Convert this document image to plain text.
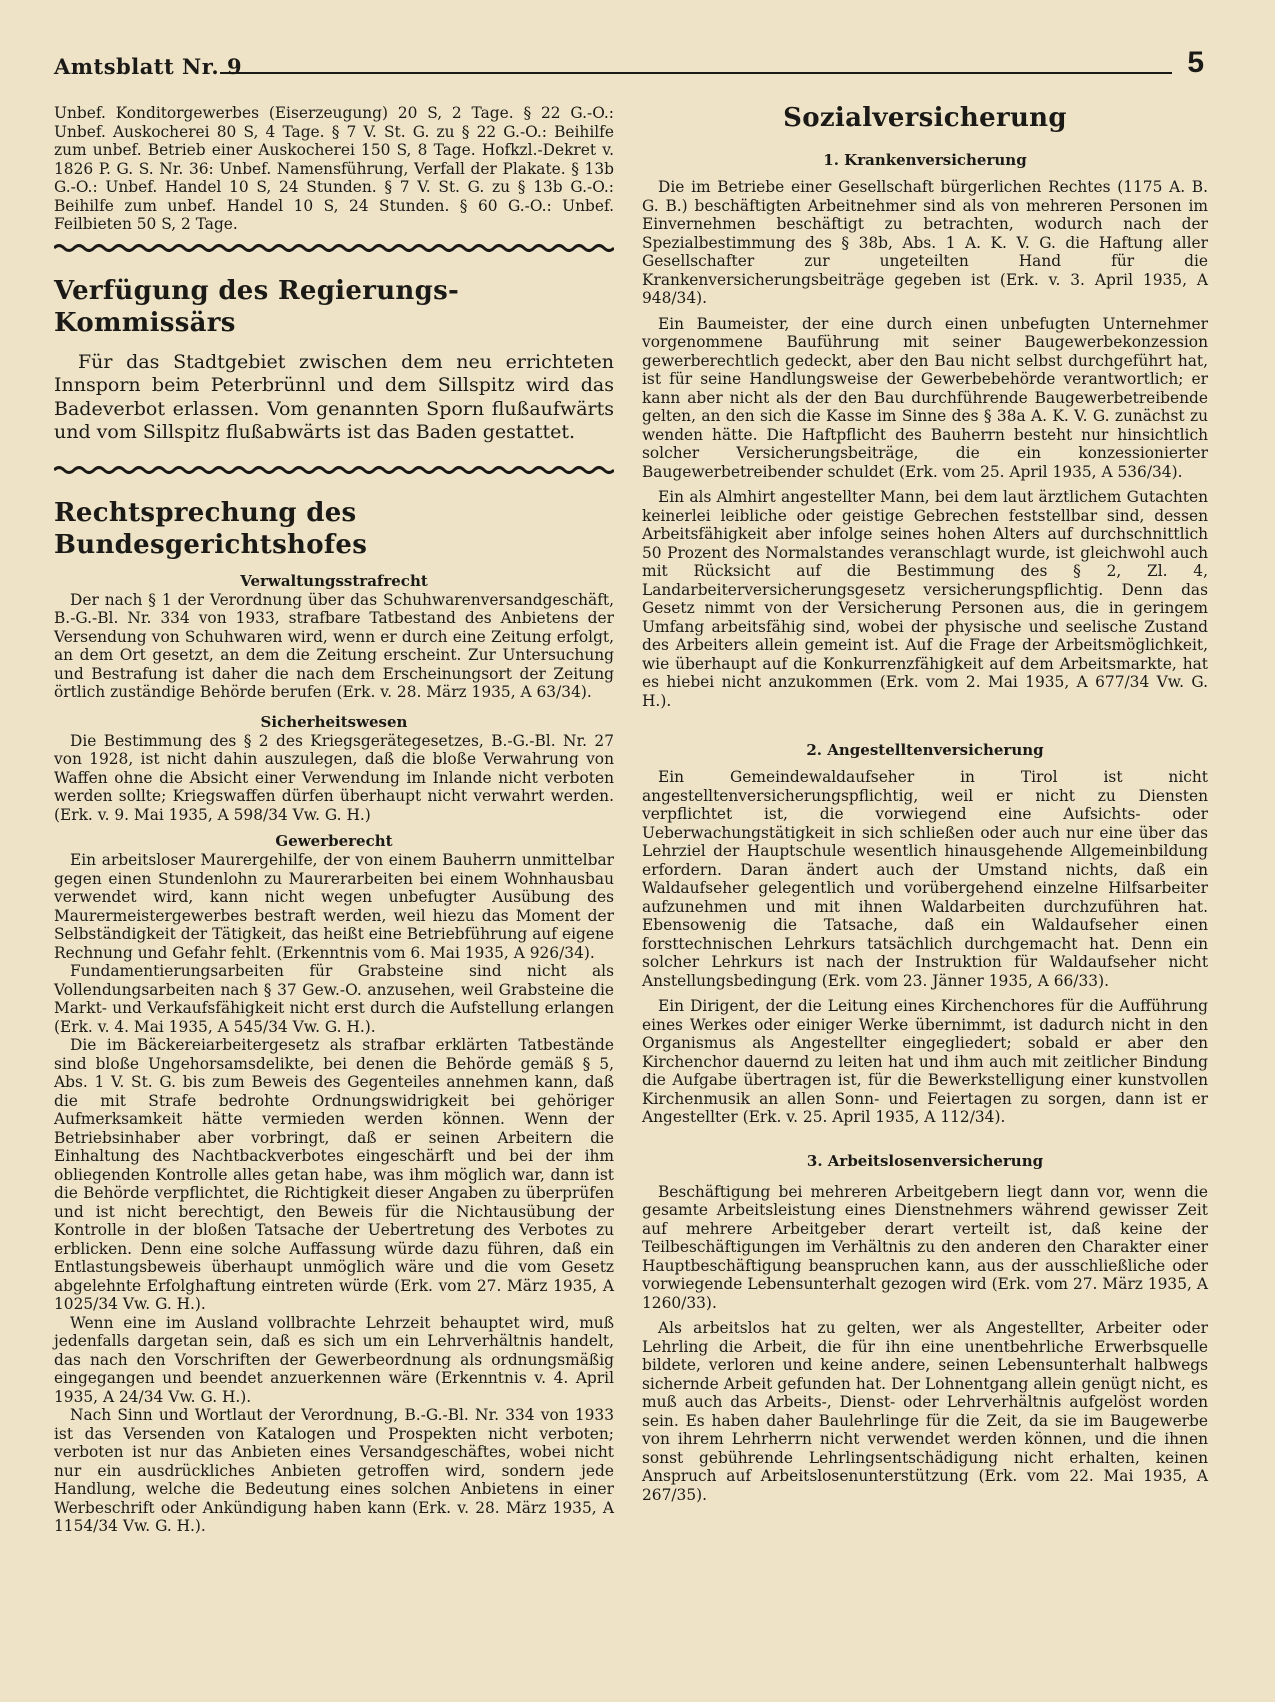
Amtsblatt Nr. 9	5

Unbef. Konditorgewerbes (Eiserzeugung) 20 S, 2 Tage. § 22 G.-O.: Unbef. Auskocherei 80 S, 4 Tage. § 7 V. St. G. zu § 22 G.-O.: Beihilfe zum unbef. Betrieb einer Auskocherei 150 S, 8 Tage. Hofkzl.-Dekret v. 1826 P. G. S. Nr. 36: Unbef. Namensführung, Verfall der Plakate. § 13b G.-O.: Unbef. Handel 10 S, 24 Stunden. § 7 V. St. G. zu § 13b G.-O.: Beihilfe zum unbef. Handel 10 S, 24 Stunden. § 60 G.-O.: Unbef. Feilbieten 50 S, 2 Tage.

Verfügung des Regierungs-Kommissärs

Für das Stadtgebiet zwischen dem neu errichteten Innsporn beim Peterbrünnl und dem Sillspitz wird das Badeverbot erlassen. Vom genannten Sporn flußaufwärts und vom Sillspitz flußabwärts ist das Baden gestattet.

Rechtsprechung des Bundesgerichtshofes
Verwaltungsstrafrecht

Der nach § 1 der Verordnung über das Schuhwarenversandgeschäft, B.-G.-Bl. Nr. 334 von 1933, strafbare Tatbestand des Anbietens der Versendung von Schuhwaren wird, wenn er durch eine Zeitung erfolgt, an dem Ort gesetzt, an dem die Zeitung erscheint. Zur Untersuchung und Bestrafung ist daher die nach dem Erscheinungsort der Zeitung örtlich zuständige Behörde berufen (Erk. v. 28. März 1935, A 63/34).

Sicherheitswesen

Die Bestimmung des § 2 des Kriegsgerätegesetzes, B.-G.-Bl. Nr. 27 von 1928, ist nicht dahin auszulegen, daß die bloße Verwahrung von Waffen ohne die Absicht einer Verwendung im Inlande nicht verboten werden sollte; Kriegswaffen dürfen überhaupt nicht verwahrt werden. (Erk. v. 9. Mai 1935, A 598/34 Vw. G. H.)

Gewerberecht

Ein arbeitsloser Maurergehilfe, der von einem Bauherrn unmittelbar gegen einen Stundenlohn zu Maurerarbeiten bei einem Wohnhausbau verwendet wird, kann nicht wegen unbefugter Ausübung des Maurermeistergewerbes bestraft werden, weil hiezu das Moment der Selbständigkeit der Tätigkeit, das heißt eine Betriebführung auf eigene Rechnung und Gefahr fehlt. (Erkenntnis vom 6. Mai 1935, A 926/34).

Fundamentierungsarbeiten für Grabsteine sind nicht als Vollendungsarbeiten nach § 37 Gew.-O. anzusehen, weil Grabsteine die Markt- und Verkaufsfähigkeit nicht erst durch die Aufstellung erlangen (Erk. v. 4. Mai 1935, A 545/34 Vw. G. H.).

Die im Bäckereiarbeitergesetz als strafbar erklärten Tatbestände sind bloße Ungehorsamsdelikte, bei denen die Behörde gemäß § 5, Abs. 1 V. St. G. bis zum Beweis des Gegenteiles annehmen kann, daß die mit Strafe bedrohte Ordnungswidrigkeit bei gehöriger Aufmerksamkeit hätte vermieden werden können. Wenn der Betriebsinhaber aber vorbringt, daß er seinen Arbeitern die Einhaltung des Nachtbackverbotes eingeschärft und bei der ihm obliegenden Kontrolle alles getan habe, was ihm möglich war, dann ist die Behörde verpflichtet, die Richtigkeit dieser Angaben zu überprüfen und ist nicht berechtigt, den Beweis für die Nichtausübung der Kontrolle in der bloßen Tatsache der Uebertretung des Verbotes zu erblicken. Denn eine solche Auffassung würde dazu führen, daß ein Entlastungsbeweis überhaupt unmöglich wäre und die vom Gesetz abgelehnte Erfolghaftung eintreten würde (Erk. vom 27. März 1935, A 1025/34 Vw. G. H.).

Wenn eine im Ausland vollbrachte Lehrzeit behauptet wird, muß jedenfalls dargetan sein, daß es sich um ein Lehrverhältnis handelt, das nach den Vorschriften der Gewerbeordnung als ordnungsmäßig eingegangen und beendet anzuerkennen wäre (Erkenntnis v. 4. April 1935, A 24/34 Vw. G. H.).

Nach Sinn und Wortlaut der Verordnung, B.-G.-Bl. Nr. 334 von 1933 ist das Versenden von Katalogen und Prospekten nicht verboten; verboten ist nur das Anbieten eines Versandgeschäftes, wobei nicht nur ein ausdrückliches Anbieten getroffen wird, sondern jede Handlung, welche die Bedeutung eines solchen Anbietens in einer Werbeschrift oder Ankündigung haben kann (Erk. v. 28. März 1935, A 1154/34 Vw. G. H.).

Sozialversicherung
1. Krankenversicherung

Die im Betriebe einer Gesellschaft bürgerlichen Rechtes (1175 A. B. G. B.) beschäftigten Arbeitnehmer sind als von mehreren Personen im Einvernehmen beschäftigt zu betrachten, wodurch nach der Spezialbestimmung des § 38b, Abs. 1 A. K. V. G. die Haftung aller Gesellschafter zur ungeteilten Hand für die Krankenversicherungsbeiträge gegeben ist (Erk. v. 3. April 1935, A 948/34).

Ein Baumeister, der eine durch einen unbefugten Unternehmer vorgenommene Bauführung mit seiner Baugewerbekonzession gewerberechtlich gedeckt, aber den Bau nicht selbst durchgeführt hat, ist für seine Handlungsweise der Gewerbebehörde verantwortlich; er kann aber nicht als der den Bau durchführende Baugewerbetreibende gelten, an den sich die Kasse im Sinne des § 38a A. K. V. G. zunächst zu wenden hätte. Die Haftpflicht des Bauherrn besteht nur hinsichtlich solcher Versicherungsbeiträge, die ein konzessionierter Baugewerbetreibender schuldet (Erk. vom 25. April 1935, A 536/34).

Ein als Almhirt angestellter Mann, bei dem laut ärztlichem Gutachten keinerlei leibliche oder geistige Gebrechen feststellbar sind, dessen Arbeitsfähigkeit aber infolge seines hohen Alters auf durchschnittlich 50 Prozent des Normalstandes veranschlagt wurde, ist gleichwohl auch mit Rücksicht auf die Bestimmung des § 2, Zl. 4, Landarbeiterversicherungsgesetz versicherungspflichtig. Denn das Gesetz nimmt von der Versicherung Personen aus, die in geringem Umfang arbeitsfähig sind, wobei der physische und seelische Zustand des Arbeiters allein gemeint ist. Auf die Frage der Arbeitsmöglichkeit, wie überhaupt auf die Konkurrenzfähigkeit auf dem Arbeitsmarkte, hat es hiebei nicht anzukommen (Erk. vom 2. Mai 1935, A 677/34 Vw. G. H.).

2. Angestelltenversicherung

Ein Gemeindewaldaufseher in Tirol ist nicht angestelltenversicherungspflichtig, weil er nicht zu Diensten verpflichtet ist, die vorwiegend eine Aufsichts- oder Ueberwachungstätigkeit in sich schließen oder auch nur eine über das Lehrziel der Hauptschule wesentlich hinausgehende Allgemeinbildung erfordern. Daran ändert auch der Umstand nichts, daß ein Waldaufseher gelegentlich und vorübergehend einzelne Hilfsarbeiter aufzunehmen und mit ihnen Waldarbeiten durchzuführen hat. Ebensowenig die Tatsache, daß ein Waldaufseher einen forsttechnischen Lehrkurs tatsächlich durchgemacht hat. Denn ein solcher Lehrkurs ist nach der Instruktion für Waldaufseher nicht Anstellungsbedingung (Erk. vom 23. Jänner 1935, A 66/33).

Ein Dirigent, der die Leitung eines Kirchenchores für die Aufführung eines Werkes oder einiger Werke übernimmt, ist dadurch nicht in den Organismus als Angestellter eingegliedert; sobald er aber den Kirchenchor dauernd zu leiten hat und ihm auch mit zeitlicher Bindung die Aufgabe übertragen ist, für die Bewerkstelligung einer kunstvollen Kirchenmusik an allen Sonn- und Feiertagen zu sorgen, dann ist er Angestellter (Erk. v. 25. April 1935, A 112/34).

3. Arbeitslosenversicherung

Beschäftigung bei mehreren Arbeitgebern liegt dann vor, wenn die gesamte Arbeitsleistung eines Dienstnehmers während gewisser Zeit auf mehrere Arbeitgeber derart verteilt ist, daß keine der Teilbeschäftigungen im Verhältnis zu den anderen den Charakter einer Hauptbeschäftigung beanspruchen kann, aus der ausschließliche oder vorwiegende Lebensunterhalt gezogen wird (Erk. vom 27. März 1935, A 1260/33).

Als arbeitslos hat zu gelten, wer als Angestellter, Arbeiter oder Lehrling die Arbeit, die für ihn eine unentbehrliche Erwerbsquelle bildete, verloren und keine andere, seinen Lebensunterhalt halbwegs sichernde Arbeit gefunden hat. Der Lohnentgang allein genügt nicht, es muß auch das Arbeits-, Dienst- oder Lehrverhältnis aufgelöst worden sein. Es haben daher Baulehrlinge für die Zeit, da sie im Baugewerbe von ihrem Lehrherrn nicht verwendet werden können, und die ihnen sonst gebührende Lehrlingsentschädigung nicht erhalten, keinen Anspruch auf Arbeitslosenunterstützung (Erk. vom 22. Mai 1935, A 267/35).
